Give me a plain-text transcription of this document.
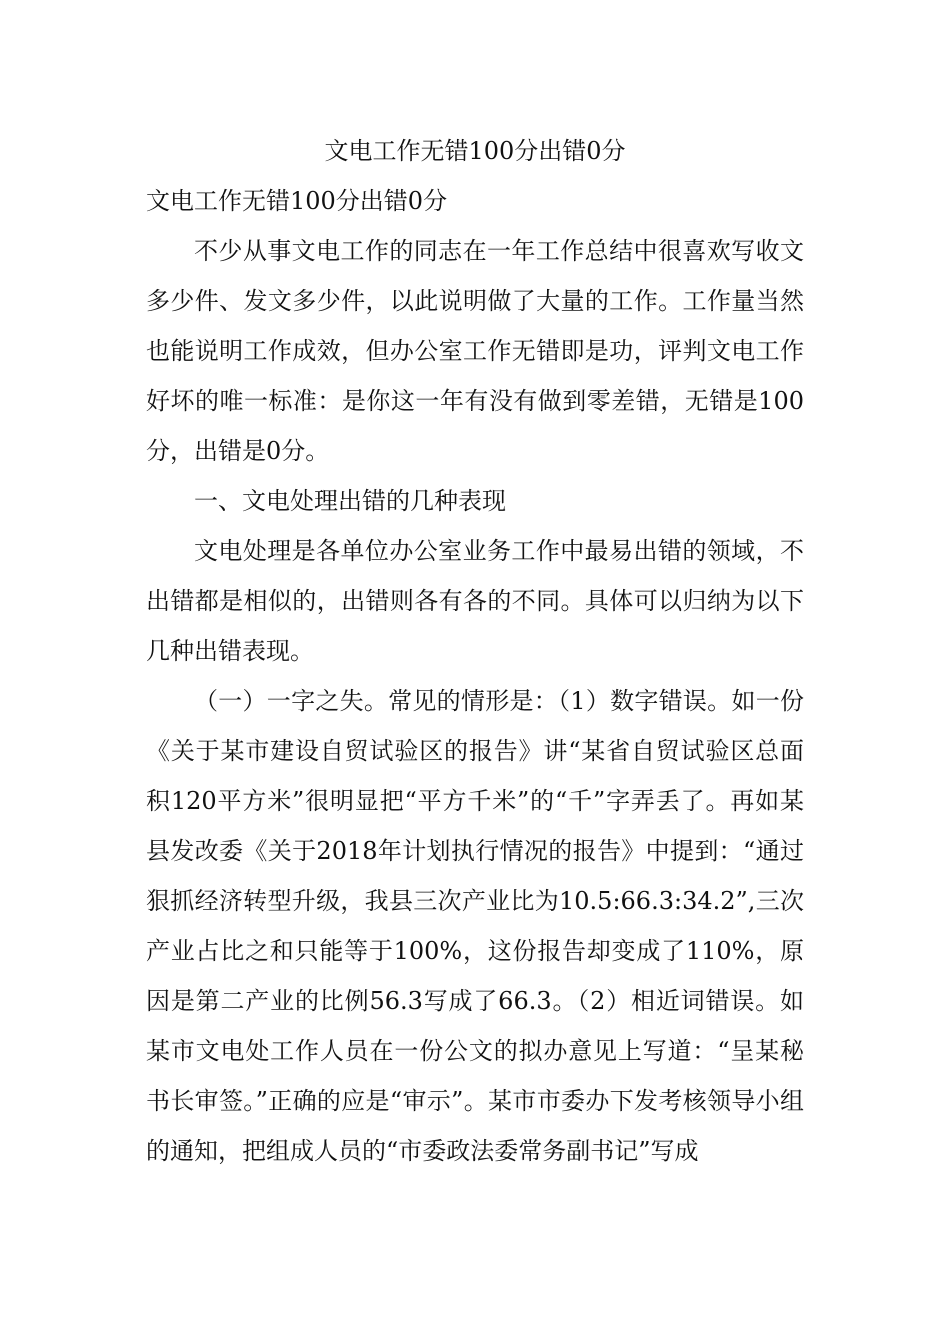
文电工作无错100分出错0分

文电工作无错100分出错0分

不少从事文电工作的同志在一年工作总结中很喜欢写收文多少件、发文多少件，以此说明做了大量的工作。工作量当然也能说明工作成效，但办公室工作无错即是功，评判文电工作好坏的唯一标准：是你这一年有没有做到零差错，无错是100分，出错是0分。

一、文电处理出错的几种表现

文电处理是各单位办公室业务工作中最易出错的领域，不出错都是相似的，出错则各有各的不同。具体可以归纳为以下几种出错表现。

（一）一字之失。常见的情形是：（1）数字错误。如一份《关于某市建设自贸试验区的报告》讲“某省自贸试验区总面积120平方米”很明显把“平方千米”的“千”字弄丢了。再如某县发改委《关于2018年计划执行情况的报告》中提到：“通过狠抓经济转型升级，我县三次产业比为10.5:66.3:34.2”,三次产业占比之和只能等于100%，这份报告却变成了110%，原因是第二产业的比例56.3写成了66.3。（2）相近词错误。如某市文电处工作人员在一份公文的拟办意见上写道：“呈某秘书长审签。”正确的应是“审示”。某市市委办下发考核领导小组的通知，把组成人员的“市委政法委常务副书记”写成
